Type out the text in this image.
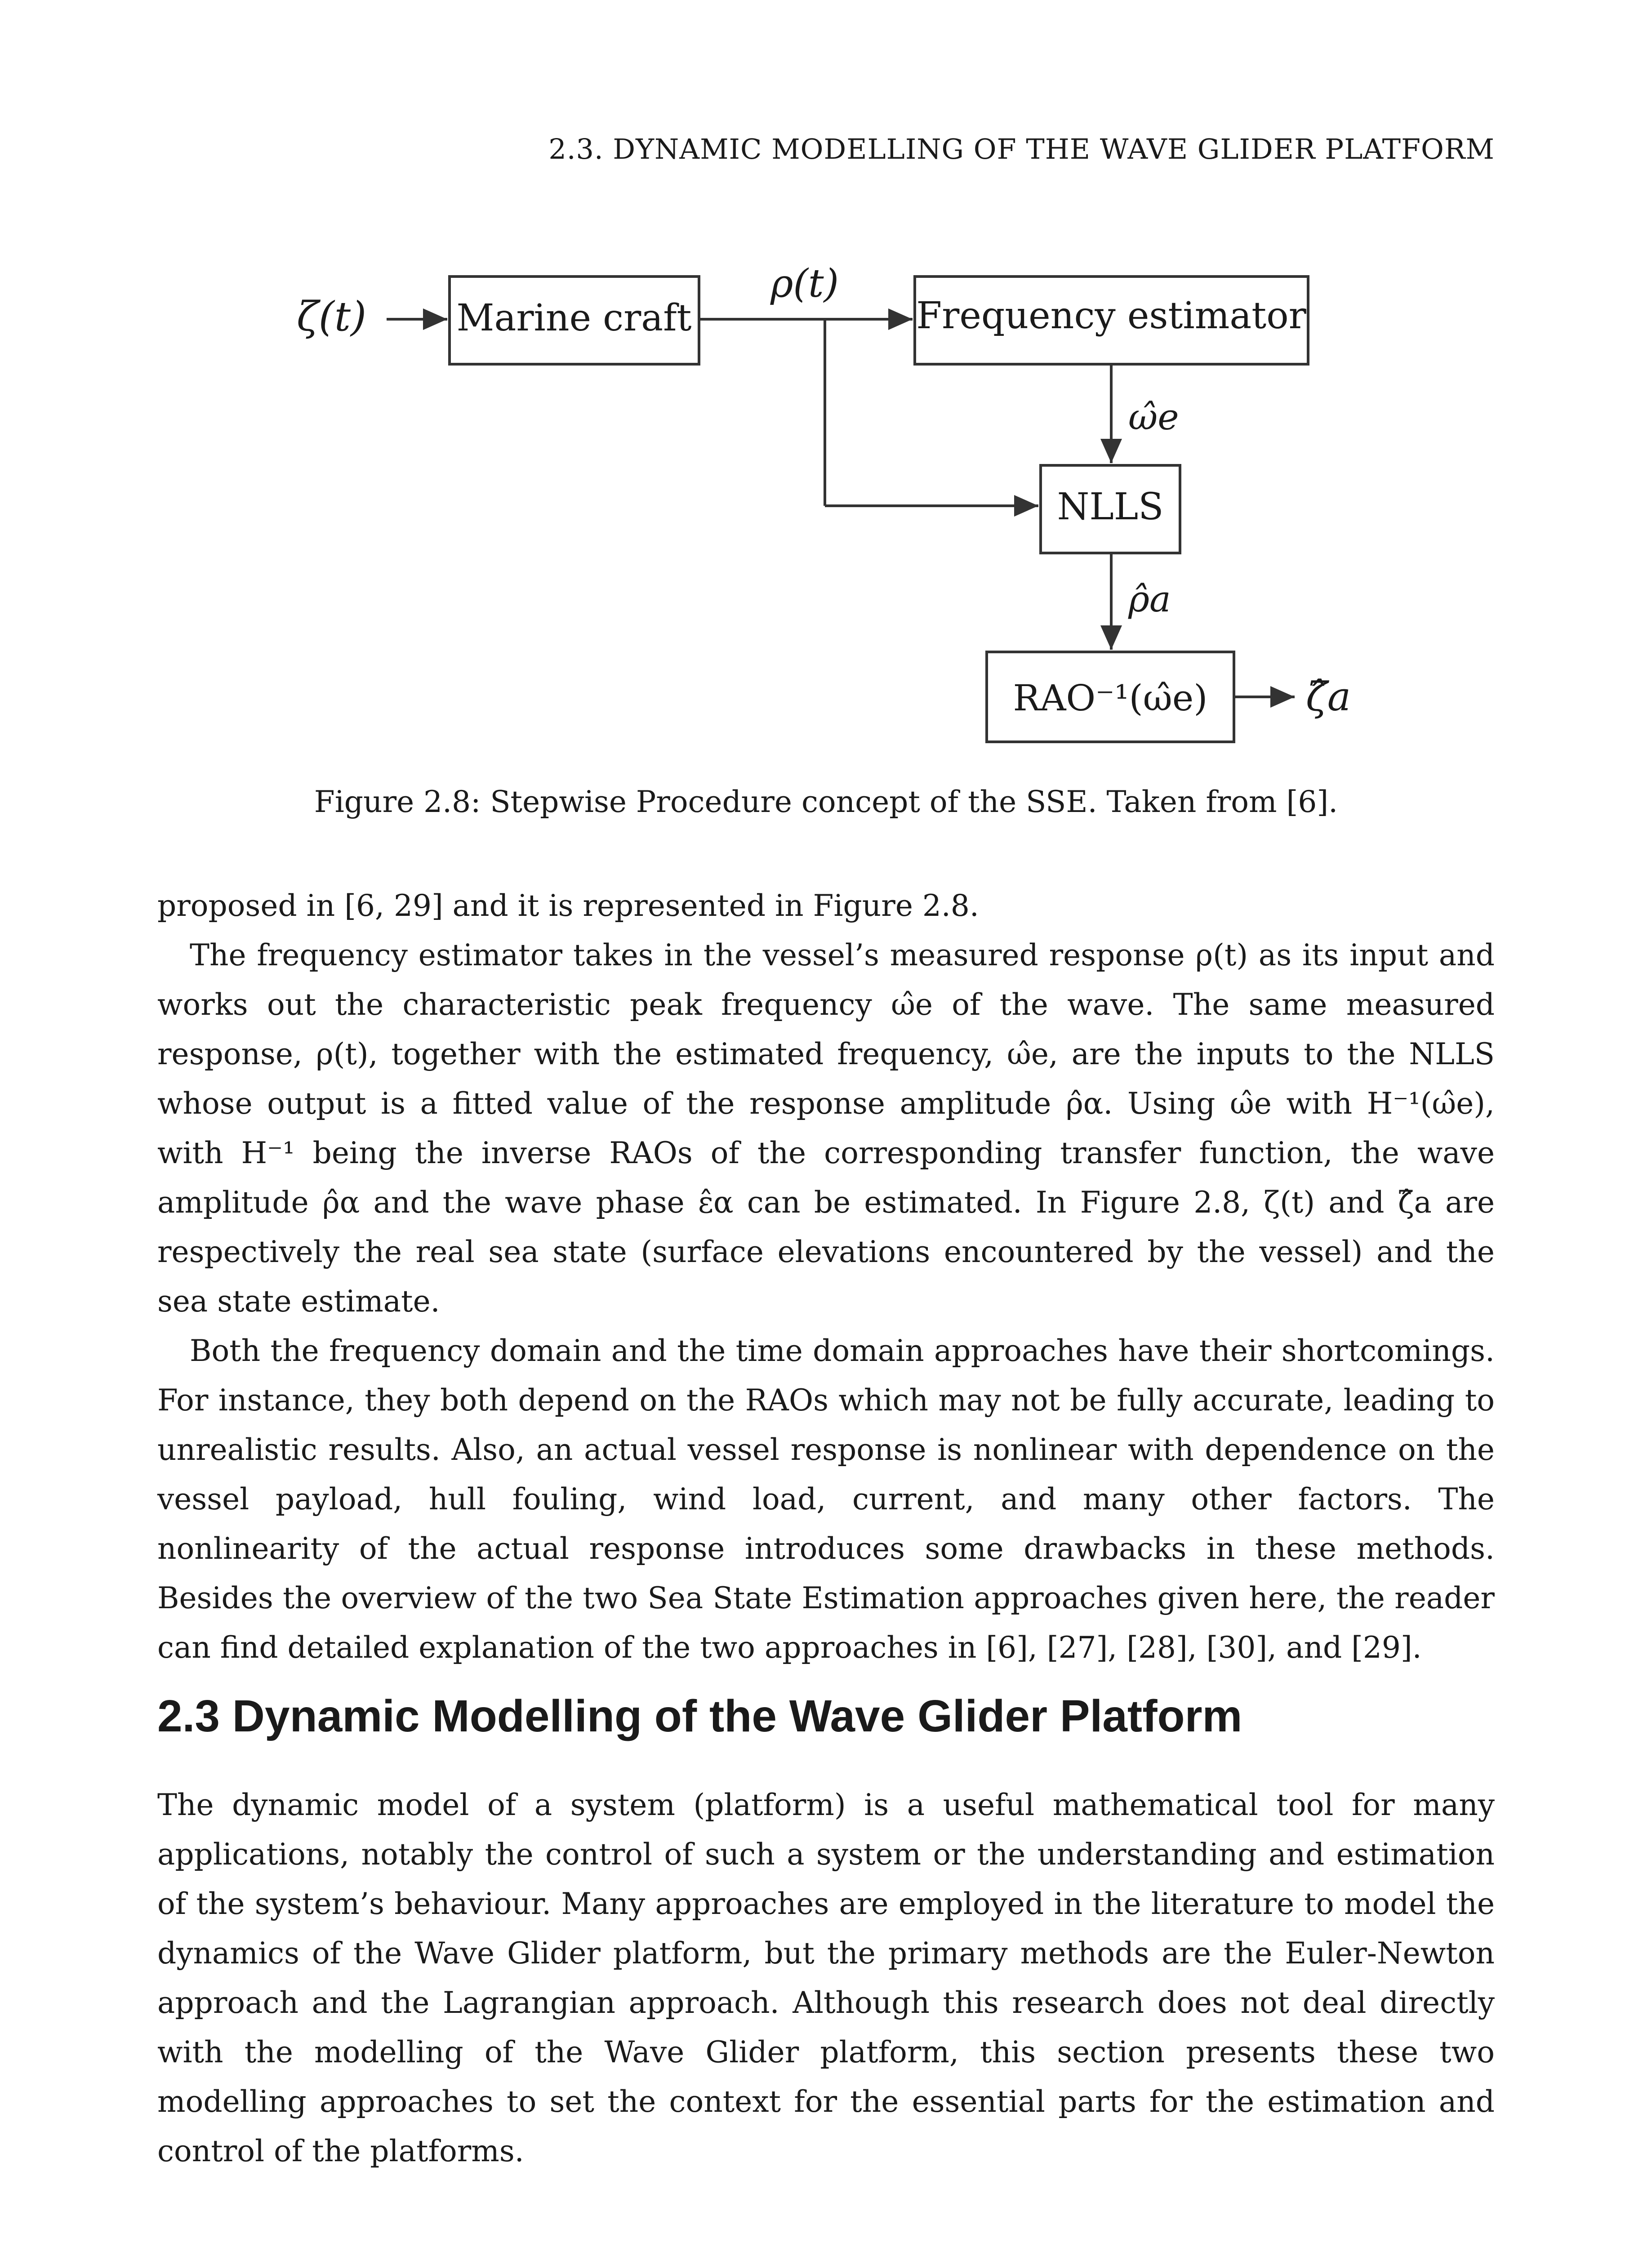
2.3. DYNAMIC MODELLING OF THE WAVE GLIDER PLATFORM
ζ(t) Marine craft
ρ(t)
Frequency estimator
ω̂e
NLLS
ρ̂a
RAO⁻¹(ω̂e) ζ̂a
Figure 2.8: Stepwise Procedure concept of the SSE. Taken from [6].

proposed in [6, 29] and it is represented in Figure 2.8.

The frequency estimator takes in the vessel’s measured response ρ(t) as its input and works out the characteristic peak frequency ω̂e of the wave. The same measured response, ρ(t), together with the estimated frequency, ω̂e, are the inputs to the NLLS whose output is a fitted value of the response amplitude ρ̂α. Using ω̂e with H⁻¹(ω̂e), with H⁻¹ being the inverse RAOs of the corresponding transfer function, the wave amplitude ρ̂α and the wave phase ε̂α can be estimated. In Figure 2.8, ζ(t) and ζ̂a are respectively the real sea state (surface elevations encountered by the vessel) and the sea state estimate.

Both the frequency domain and the time domain approaches have their shortcomings. For instance, they both depend on the RAOs which may not be fully accurate, leading to unrealistic results. Also, an actual vessel response is nonlinear with dependence on the vessel payload, hull fouling, wind load, current, and many other factors. The nonlinearity of the actual response introduces some drawbacks in these methods. Besides the overview of the two Sea State Estimation approaches given here, the reader can find detailed explanation of the two approaches in [6], [27], [28], [30], and [29].

2.3 Dynamic Modelling of the Wave Glider Platform

The dynamic model of a system (platform) is a useful mathematical tool for many applications, notably the control of such a system or the understanding and estimation of the system’s behaviour. Many approaches are employed in the literature to model the dynamics of the Wave Glider platform, but the primary methods are the Euler-Newton approach and the Lagrangian approach. Although this research does not deal directly with the modelling of the Wave Glider platform, this section presents these two modelling approaches to set the context for the essential parts for the estimation and control of the platforms.
